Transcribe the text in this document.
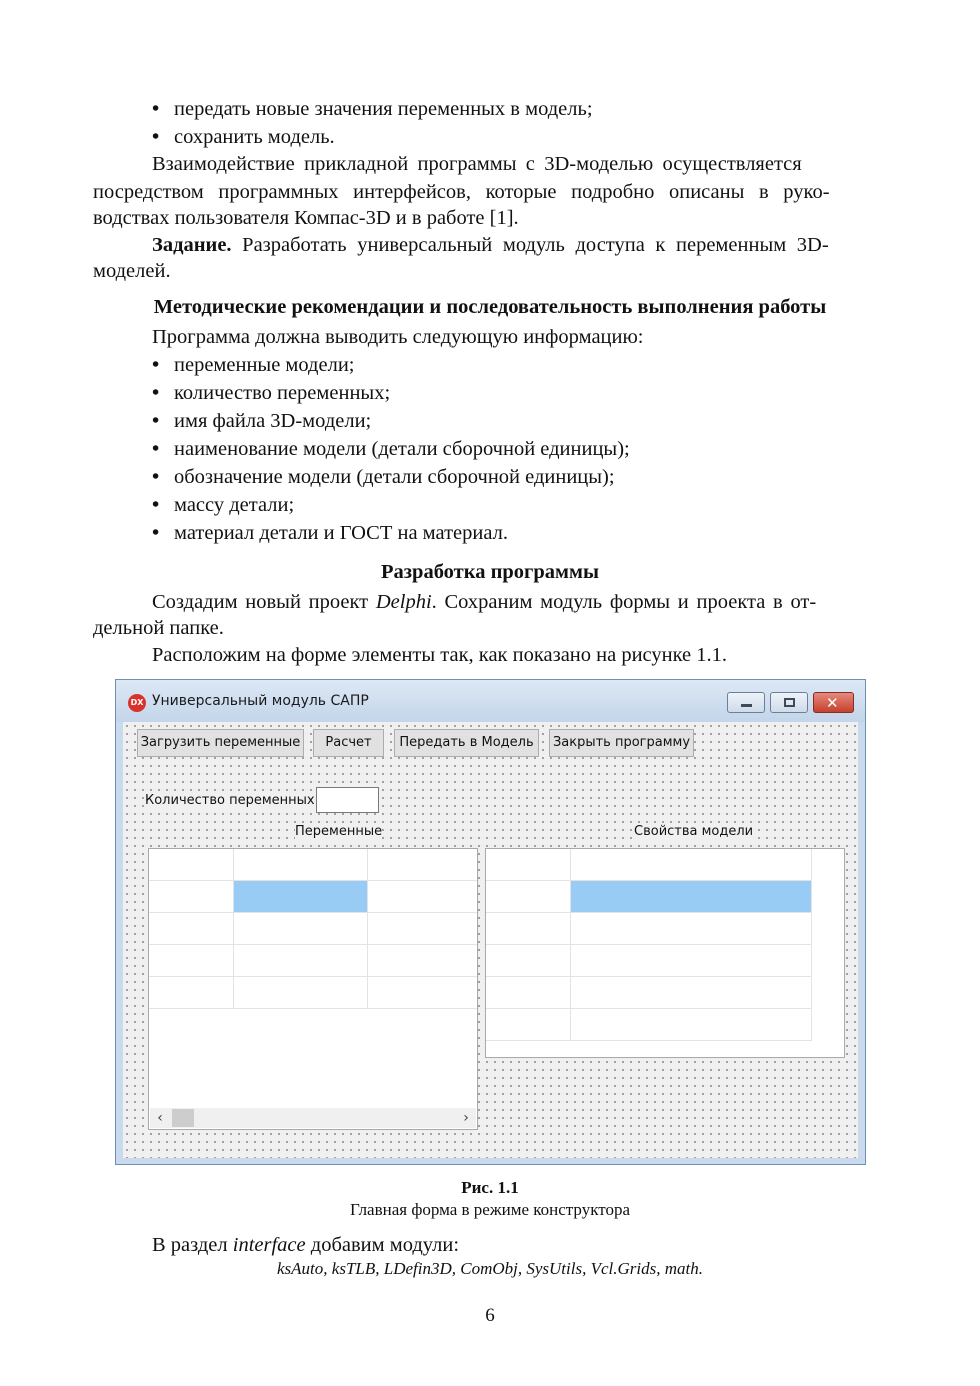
• передать новые значения переменных в модель;
• сохранить модель.
Взаимодействие прикладной программы с 3D-моделью осуществляется
посредством программных интерфейсов, которые подробно описаны в руко-
водствах пользователя Компас-3D и в работе [1].
Задание. Разработать универсальный модуль доступа к переменным 3D-
моделей.
Методические рекомендации и последовательность выполнения работы
Программа должна выводить следующую информацию:
• переменные модели;
• количество переменных;
• имя файла 3D-модели;
• наименование модели (детали сборочной единицы);
• обозначение модели (детали сборочной единицы);
• массу детали;
• материал детали и ГОСТ на материал.
Разработка программы
Создадим новый проект Delphi. Сохраним модуль формы и проекта в от-
дельной папке.
Расположим на форме элементы так, как показано на рисунке 1.1.
DX Универсальный модуль САПР	✕
Загрузить переменные	Расчет	Передать в Модель	Закрыть программу
Количество переменных
Переменные	Свойства модели
‹	›
Рис. 1.1
Главная форма в режиме конструктора
В раздел interface добавим модули:
ksAuto, ksTLB, LDefin3D, ComObj, SysUtils, Vcl.Grids, math.
6
